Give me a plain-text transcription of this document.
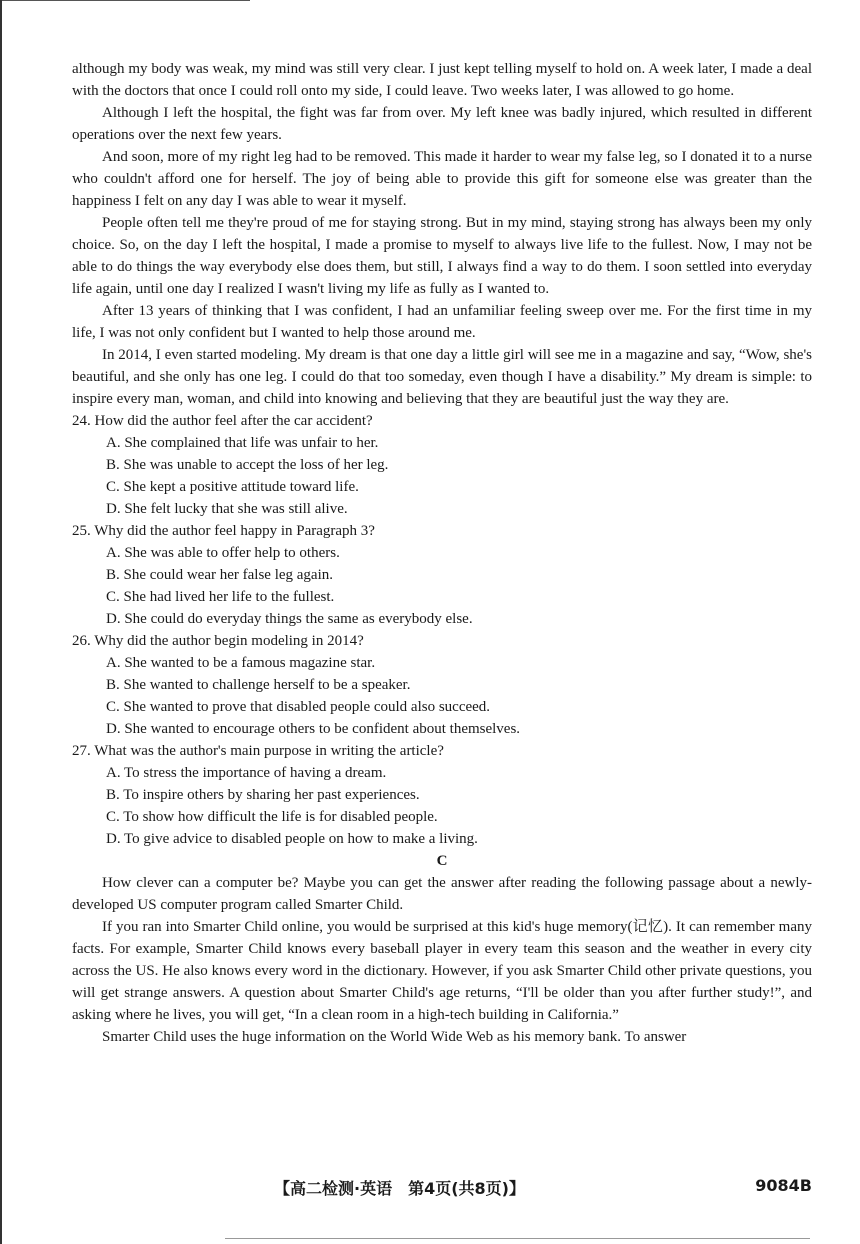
although my body was weak, my mind was still very clear. I just kept telling myself to hold on. A week later, I made a deal with the doctors that once I could roll onto my side, I could leave. Two weeks later, I was allowed to go home.

Although I left the hospital, the fight was far from over. My left knee was badly injured, which resulted in different operations over the next few years.

And soon, more of my right leg had to be removed. This made it harder to wear my false leg, so I donated it to a nurse who couldn't afford one for herself. The joy of being able to provide this gift for someone else was greater than the happiness I felt on any day I was able to wear it myself.

People often tell me they're proud of me for staying strong. But in my mind, staying strong has always been my only choice. So, on the day I left the hospital, I made a promise to myself to always live life to the fullest. Now, I may not be able to do things the way everybody else does them, but still, I always find a way to do them. I soon settled into everyday life again, until one day I realized I wasn't living my life as fully as I wanted to.

After 13 years of thinking that I was confident, I had an unfamiliar feeling sweep over me. For the first time in my life, I was not only confident but I wanted to help those around me.

In 2014, I even started modeling. My dream is that one day a little girl will see me in a magazine and say, “Wow, she's beautiful, and she only has one leg. I could do that too someday, even though I have a disability.” My dream is simple: to inspire every man, woman, and child into knowing and believing that they are beautiful just the way they are.

24. How did the author feel after the car accident?

A. She complained that life was unfair to her.

B. She was unable to accept the loss of her leg.

C. She kept a positive attitude toward life.

D. She felt lucky that she was still alive.

25. Why did the author feel happy in Paragraph 3?

A. She was able to offer help to others.

B. She could wear her false leg again.

C. She had lived her life to the fullest.

D. She could do everyday things the same as everybody else.

26. Why did the author begin modeling in 2014?

A. She wanted to be a famous magazine star.

B. She wanted to challenge herself to be a speaker.

C. She wanted to prove that disabled people could also succeed.

D. She wanted to encourage others to be confident about themselves.

27. What was the author's main purpose in writing the article?

A. To stress the importance of having a dream.

B. To inspire others by sharing her past experiences.

C. To show how difficult the life is for disabled people.

D. To give advice to disabled people on how to make a living.

C

How clever can a computer be? Maybe you can get the answer after reading the following passage about a newly-developed US computer program called Smarter Child.

If you ran into Smarter Child online, you would be surprised at this kid's huge memory(记忆). It can remember many facts. For example, Smarter Child knows every baseball player in every team this season and the weather in every city across the US. He also knows every word in the dictionary. However, if you ask Smarter Child other private questions, you will get strange answers. A question about Smarter Child's age returns, “I'll be older than you after further study!”, and asking where he lives, you will get, “In a clean room in a high-tech building in California.”

Smarter Child uses the huge information on the World Wide Web as his memory bank. To answer

【高二检测·英语　第4页(共8页)】	9084B
